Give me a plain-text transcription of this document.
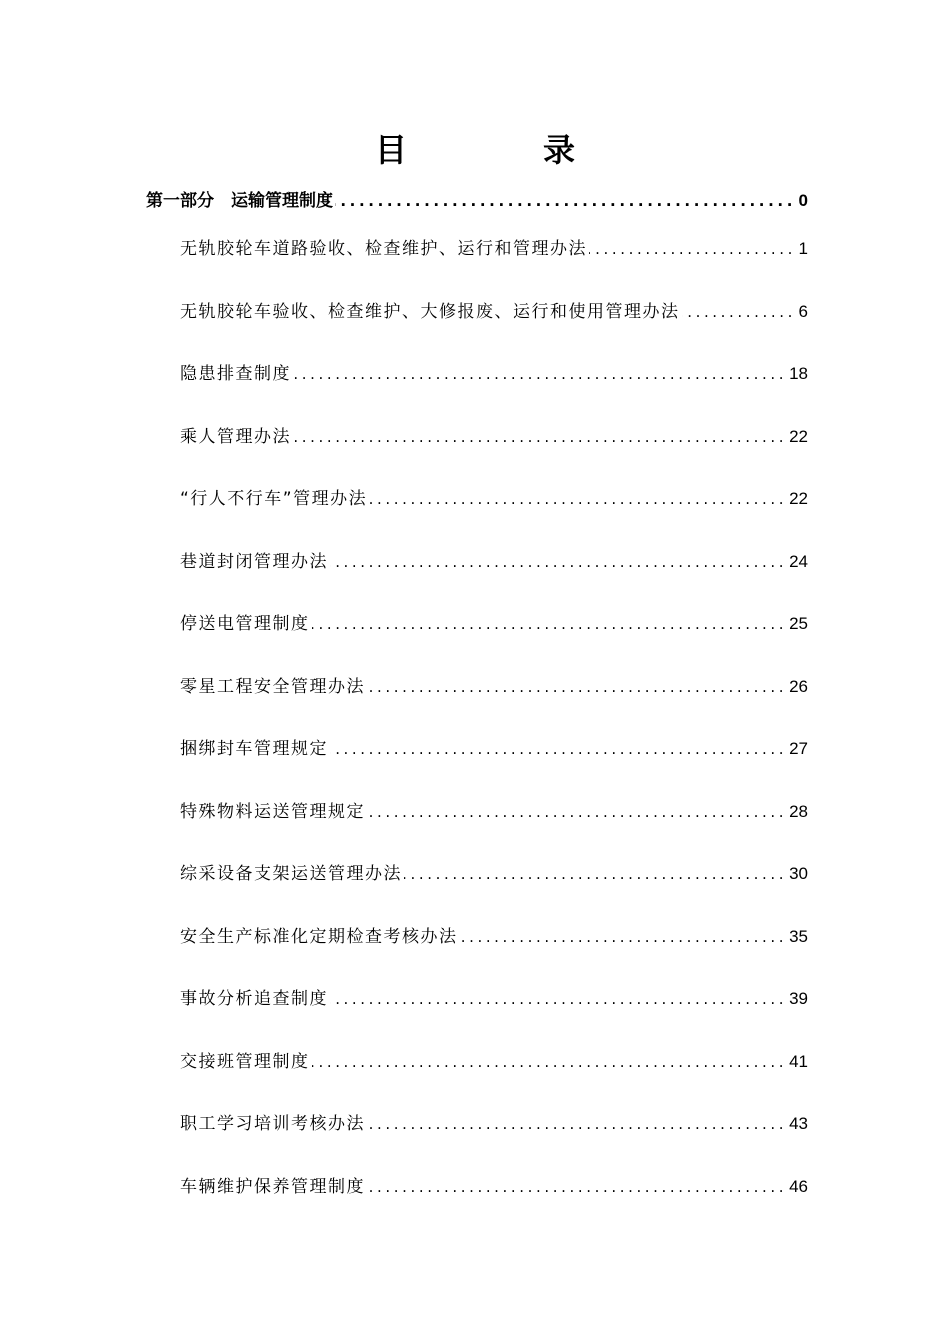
目　录
第一部分　运输管理制度 .....	0
无轨胶轮车道路验收、检查维护、运行和管理办法 .....	1
无轨胶轮车验收、检查维护、大修报废、运行和使用管理办法 .....	6
隐患排查制度 .....	18
乘人管理办法 .....	22
“行人不行车”管理办法 .....	22
巷道封闭管理办法 .....	24
停送电管理制度 .....	25
零星工程安全管理办法 .....	26
捆绑封车管理规定 .....	27
特殊物料运送管理规定 .....	28
综采设备支架运送管理办法 .....	30
安全生产标准化定期检查考核办法 .....	35
事故分析追查制度 .....	39
交接班管理制度 .....	41
职工学习培训考核办法 .....	43
车辆维护保养管理制度 .....	46
